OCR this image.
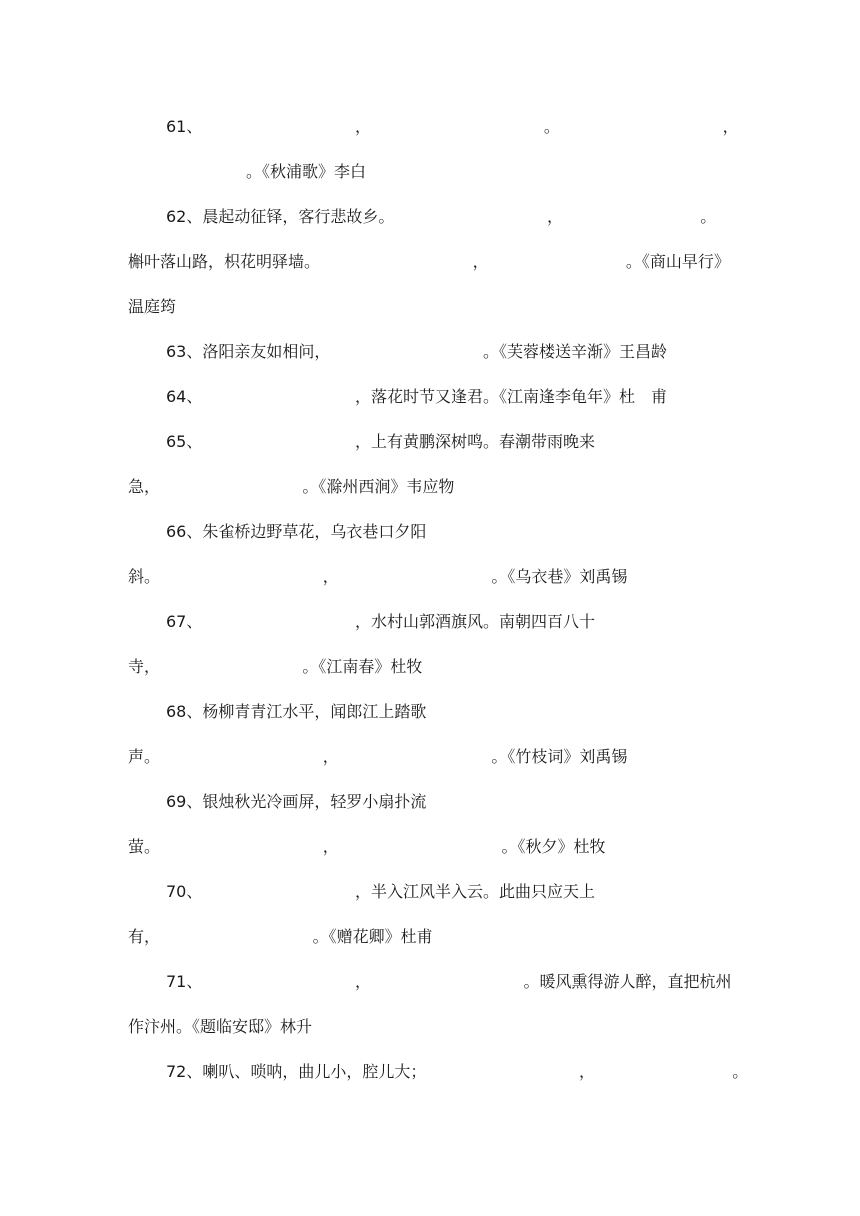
61、                              ，                                  。                                ，
。《秋浦歌》李白
62、晨起动征铎，客行悲故乡。                              ，                           。
槲叶落山路，枳花明驿墙。                              ，                           。《商山早行》
温庭筠
63、洛阳亲友如相问，                              。《芙蓉楼送辛渐》王昌龄
64、                              ，落花时节又逢君。《江南逢李龟年》杜　甫
65、                              ，上有黄鹏深树鸣。春潮带雨晚来
急，                            。《滁州西涧》韦应物
66、朱雀桥边野草花，乌衣巷口夕阳
斜。                                ，                              。《乌衣巷》刘禹锡
67、                              ，水村山郭酒旗风。南朝四百八十
寺，                            。《江南春》杜牧
68、杨柳青青江水平，闻郎江上踏歌
声。                                ，                              。《竹枝词》刘禹锡
69、银烛秋光冷画屏，轻罗小扇扑流
萤。                                ，                                。《秋夕》杜牧
70、                              ，半入江风半入云。此曲只应天上
有，                              。《赠花卿》杜甫
71、                              ，                              。暖风熏得游人醉，直把杭州
作汴州。《题临安邸》林升
72、喇叭、唢呐，曲儿小，腔儿大；                              ，                           。
